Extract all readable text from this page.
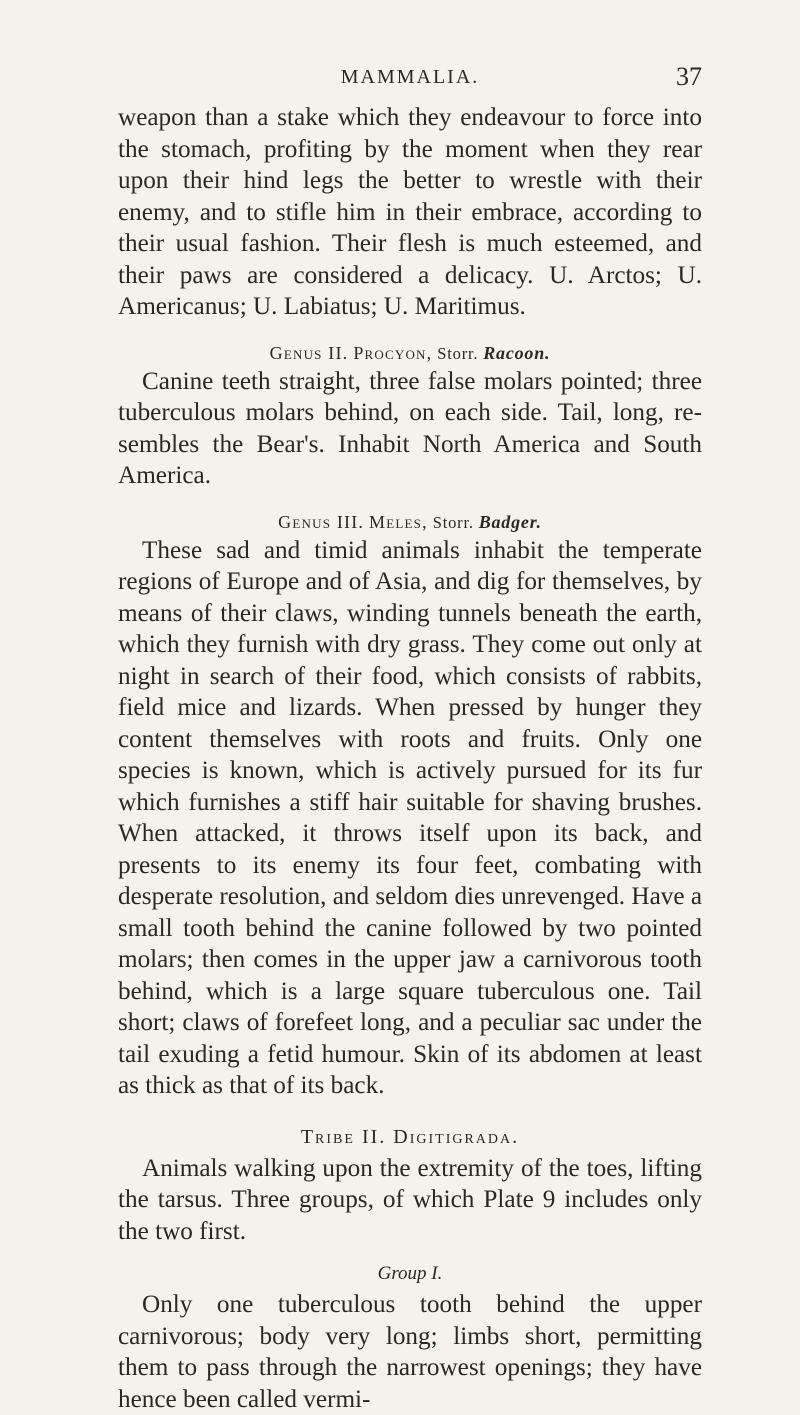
MAMMALIA.	37

weapon than a stake which they endeavour to force into the stomach, profiting by the moment when they rear upon their hind legs the better to wrestle with their enemy, and to stifle him in their embrace, according to their usual fashion. Their flesh is much esteemed, and their paws are considered a delicacy. U. Arctos; U. Americanus; U. Labiatus; U. Maritimus.

Genus II. Procyon, Storr. Racoon.

Canine teeth straight, three false molars pointed; three tuberculous molars behind, on each side. Tail, long, resembles the Bear's. Inhabit North America and South America.

Genus III. Meles, Storr. Badger.

These sad and timid animals inhabit the temperate regions of Europe and of Asia, and dig for themselves, by means of their claws, winding tunnels beneath the earth, which they furnish with dry grass. They come out only at night in search of their food, which consists of rabbits, field mice and lizards. When pressed by hunger they content themselves with roots and fruits. Only one species is known, which is actively pursued for its fur which furnishes a stiff hair suitable for shaving brushes. When attacked, it throws itself upon its back, and presents to its enemy its four feet, combating with desperate resolution, and seldom dies unrevenged. Have a small tooth behind the canine followed by two pointed molars; then comes in the upper jaw a carnivorous tooth behind, which is a large square tuberculous one. Tail short; claws of forefeet long, and a peculiar sac under the tail exuding a fetid humour. Skin of its abdomen at least as thick as that of its back.

Tribe II. Digitigrada.

Animals walking upon the extremity of the toes, lifting the tarsus. Three groups, of which Plate 9 includes only the two first.

Group I.

Only one tuberculous tooth behind the upper carnivorous; body very long; limbs short, permitting them to pass through the narrowest openings; they have hence been called vermi-
